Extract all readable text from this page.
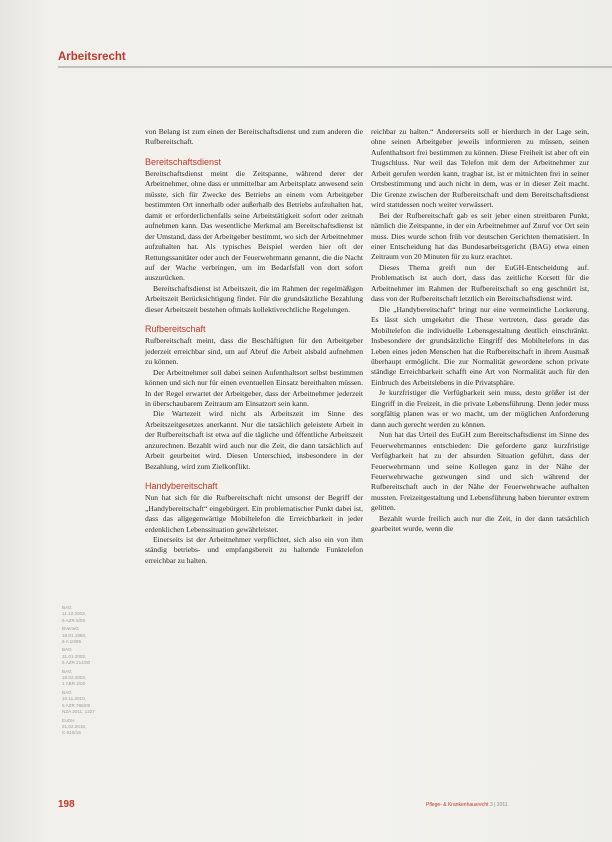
Arbeitsrecht

von Belang ist zum einen der Bereitschaftsdienst und zum anderen die Rufbereitschaft.

Bereitschaftsdienst

Bereitschaftsdienst meint die Zeitspanne, während derer der Arbeitnehmer, ohne dass er unmittelbar am Arbeitsplatz anwesend sein müsste, sich für Zwecke des Betriebs an einem vom Arbeitgeber bestimmten Ort innerhalb oder außerhalb des Betriebs aufzuhalten hat, damit er erforderlichenfalls seine Arbeitstätigkeit sofort oder zeitnah aufnehmen kann. Das wesentliche Merkmal am Bereitschaftsdienst ist der Umstand, dass der Arbeitgeber bestimmt, wo sich der Arbeitnehmer aufzuhalten hat. Als typisches Beispiel werden hier oft der Rettungssanitäter oder auch der Feuerwehrmann genannt, die die Nacht auf der Wache verbringen, um im Bedarfsfall von dort sofort auszurücken.

Bereitschaftsdienst ist Arbeitszeit, die im Rahmen der regelmäßigen Arbeitszeit Berücksichtigung findet. Für die grundsätzliche Bezahlung dieser Arbeitszeit bestehen oftmals kollektivrechtliche Regelungen.

Rufbereitschaft

Rufbereitschaft meint, dass die Beschäftigten für den Arbeitgeber jederzeit erreichbar sind, um auf Abruf die Arbeit alsbald aufnehmen zu können.

Der Arbeitnehmer soll dabei seinen Aufenthaltsort selbst bestimmen können und sich nur für einen eventuellen Einsatz bereithalten müssen. In der Regel erwartet der Arbeitgeber, dass der Arbeitnehmer jederzeit in überschaubarem Zeitraum am Einsatzort sein kann.

Die Wartezeit wird nicht als Arbeitszeit im Sinne des Arbeitszeitgesetzes anerkannt. Nur die tatsächlich geleistete Arbeit in der Rufbereitschaft ist etwa auf die tägliche und öffentliche Arbeitszeit anzurechnen. Bezahlt wird auch nur die Zeit, die dann tatsächlich auf Arbeit geurbeitet wird. Diesen Unterschied, insbesondere in der Bezahlung, wird zum Zielkonflikt.

Handybereitschaft

Nun hat sich für die Rufbereitschaft nicht umsonst der Begriff der „Handybereitschaft“ eingebürgert. Ein problematischer Punkt dabei ist, dass das allgegenwärtige Mobiltelefon die Erreichbarkeit in jeder erdenklichen Lebenssituation gewährleistet.

Einerseits ist der Arbeitnehmer verpflichtet, sich also ein von ihm ständig betriebs- und empfangsbereit zu haltende Funktelefon erreichbar zu halten.

reichbar zu halten.“ Andererseits soll er hierdurch in der Lage sein, ohne seinen Arbeitgeber jeweils informieren zu müssen, seinen Aufenthaltsort frei bestimmen zu können. Diese Freiheit ist aber oft ein Trugschluss. Nur weil das Telefon mit dem der Arbeitnehmer zur Arbeit gerufen werden kann, tragbar ist, ist er mitnichten frei in seiner Ortsbestimmung und auch nicht in dem, was er in dieser Zeit macht. Die Grenze zwischen der Rufbereitschaft und dem Bereitschaftsdienst wird stattdessen noch weiter verwässert.

Bei der Rufbereitschaft gab es seit jeher einen streitbaren Punkt, nämlich die Zeitspanne, in der ein Arbeitnehmer auf Zuruf vor Ort sein muss. Dies wurde schon früh vor deutschen Gerichten thematisiert. In einer Entscheidung hat das Bundesarbeitsgericht (BAG) etwa einen Zeitraum von 20 Minuten für zu kurz erachtet.

Dieses Thema greift nun der EuGH-Entscheidung auf. Problematisch ist auch dort, dass das zeitliche Korsett für die Arbeitnehmer im Rahmen der Rufbereitschaft so eng geschnürt ist, dass von der Rufbereitschaft letztlich ein Bereitschaftsdienst wird.

Die „Handybereitschaft“ bringt nur eine vermeintliche Lockerung. Es lässt sich umgekehrt die These vertreten, dass gerade das Mobiltelefon die individuelle Lebensgestaltung deutlich einschränkt. Insbesondere der grundsätzliche Eingriff des Mobiltelefons in das Leben eines jeden Menschen hat die Rufbereitschaft in ihrem Ausmaß überhaupt ermöglicht. Die zur Normalität gewordene schon private ständige Erreichbarkeit schafft eine Art von Normalität auch für den Einbruch des Arbeitslebens in die Privatsphäre.

Je kurzfristiger die Verfügbarkeit sein muss, desto größer ist der Eingriff in die Freizeit, in die private Lebensführung. Denn jeder muss sorgfältig planen was er wo macht, um der möglichen Anforderung dann auch gerecht werden zu können.

Nun hat das Urteil des EuGH zum Bereitschaftsdienst im Sinne des Feuerwehrmannes entschieden: Die geforderte ganz kurzfristige Verfügbarkeit hat zu der absurden Situation geführt, dass der Feuerwehrmann und seine Kollegen ganz in der Nähe der Feuerwehrwache gezwungen sind und sich während der Rufbereitschaft auch in der Nähe der Feuerwehrwache aufhalten mussten. Freizeitgestaltung und Lebensführung haben hierunter extrem gelitten.

Bezahlt wurde freilich auch nur die Zeit, in der dann tatsächlich gearbeitet wurde, wenn die

BAG
11.12.2003,
6 AZR 6/03
BVerwG
19.01.1988,
6 A 10/86
BAG
31.01.2002,
6 AZR 214/00
BAG
18.02.2003,
1 ABR 2/02
BAG
10.11.2010,
5 AZR 766/09
NZA 2011, 1227
EuGH
21.02.2018,
C-518/15
198	Pflege- & Krankenhausrecht 3 | 2011
